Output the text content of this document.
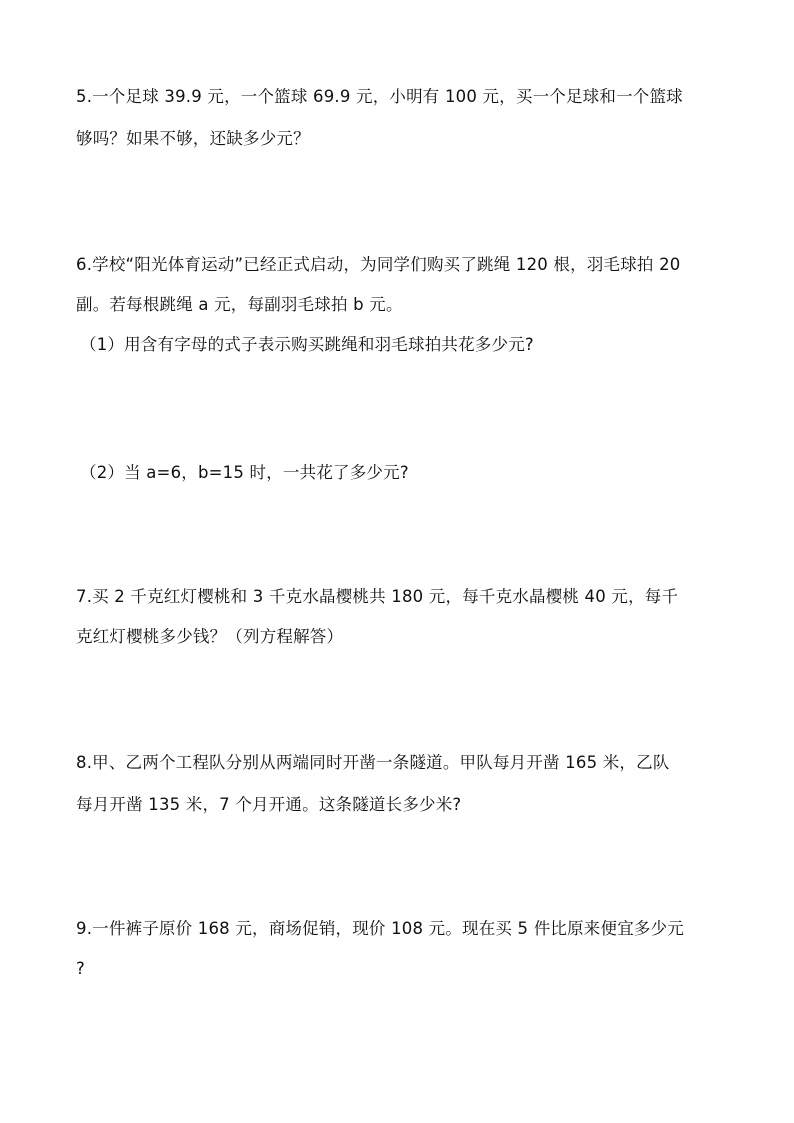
5.一个足球 39.9 元，一个篮球 69.9 元，小明有 100 元，买一个足球和一个篮球
够吗？如果不够，还缺多少元？
6.学校“阳光体育运动”已经正式启动，为同学们购买了跳绳 120 根，羽毛球拍 20
副。若每根跳绳 a 元，每副羽毛球拍 b 元。
（1）用含有字母的式子表示购买跳绳和羽毛球拍共花多少元?
（2）当 a=6，b=15 时，一共花了多少元?
7.买 2 千克红灯樱桃和 3 千克水晶樱桃共 180 元，每千克水晶樱桃 40 元，每千
克红灯樱桃多少钱？（列方程解答）
8.甲、乙两个工程队分别从两端同时开凿一条隧道。甲队每月开凿 165 米，乙队
每月开凿 135 米，7 个月开通。这条隧道长多少米?
9.一件裤子原价 168 元，商场促销，现价 108 元。现在买 5 件比原来便宜多少元
?
